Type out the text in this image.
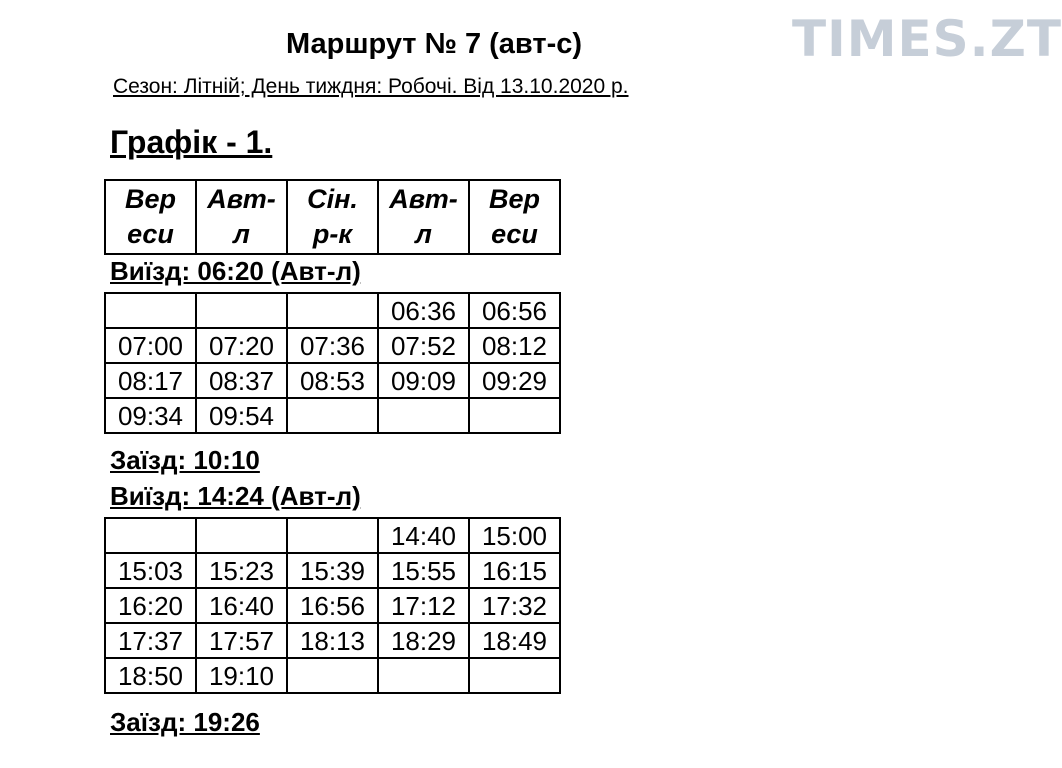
TIMES.ZT
Маршрут № 7 (авт-с)
Сезон: Літній; День тиждня: Робочі. Від 13.10.2020 р.
Графік - 1.
Вер
еси

Авт-
л

Сін.
р-к

Авт-
л

Вер
еси
Виїзд: 06:20 (Авт-л)
			06:36	06:56
07:00	07:20	07:36	07:52	08:12
08:17	08:37	08:53	09:09	09:29
09:34	09:54			
Заїзд: 10:10
Виїзд: 14:24 (Авт-л)
			14:40	15:00
15:03	15:23	15:39	15:55	16:15
16:20	16:40	16:56	17:12	17:32
17:37	17:57	18:13	18:29	18:49
18:50	19:10			
Заїзд: 19:26
